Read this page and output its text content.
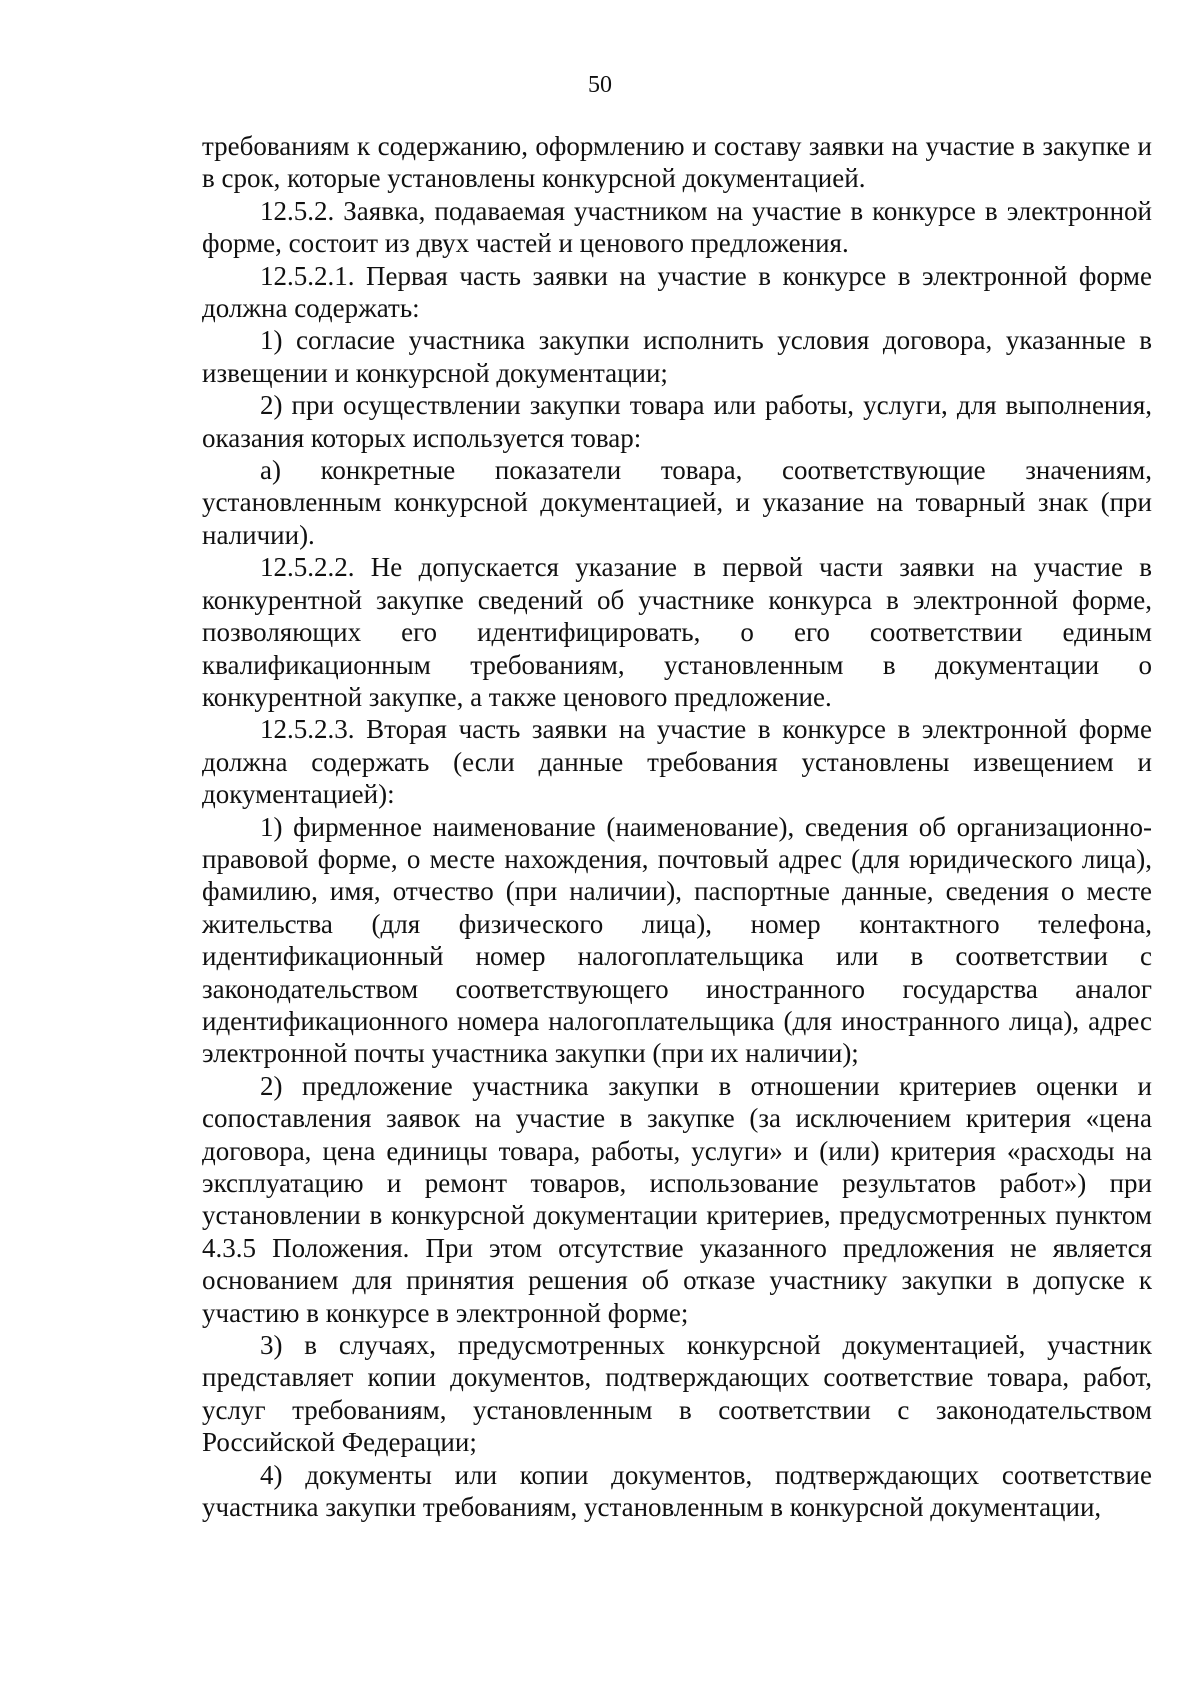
50

требованиям к содержанию, оформлению и составу заявки на участие в закупке и в срок, которые установлены конкурсной документацией.

12.5.2. Заявка, подаваемая участником на участие в конкурсе в электронной форме, состоит из двух частей и ценового предложения.

12.5.2.1. Первая часть заявки на участие в конкурсе в электронной форме должна содержать:

1) согласие участника закупки исполнить условия договора, указанные в извещении и конкурсной документации;

2) при осуществлении закупки товара или работы, услуги, для выполнения, оказания которых используется товар:

а) конкретные показатели товара, соответствующие значениям, установленным конкурсной документацией, и указание на товарный знак (при наличии).

12.5.2.2. Не допускается указание в первой части заявки на участие в конкурентной закупке сведений об участнике конкурса в электронной форме, позволяющих его идентифицировать, о его соответствии единым квалификационным требованиям, установленным в документации о конкурентной закупке, а также ценового предложение.

12.5.2.3. Вторая часть заявки на участие в конкурсе в электронной форме должна содержать (если данные требования установлены извещением и документацией):

1) фирменное наименование (наименование), сведения об организационно-правовой форме, о месте нахождения, почтовый адрес (для юридического лица), фамилию, имя, отчество (при наличии), паспортные данные, сведения о месте жительства (для физического лица), номер контактного телефона, идентификационный номер налогоплательщика или в соответствии с законодательством соответствующего иностранного государства аналог идентификационного номера налогоплательщика (для иностранного лица), адрес электронной почты участника закупки (при их наличии);

2) предложение участника закупки в отношении критериев оценки и сопоставления заявок на участие в закупке (за исключением критерия «цена договора, цена единицы товара, работы, услуги» и (или) критерия «расходы на эксплуатацию и ремонт товаров, использование результатов работ») при установлении в конкурсной документации критериев, предусмотренных пунктом 4.3.5 Положения. При этом отсутствие указанного предложения не является основанием для принятия решения об отказе участнику закупки в допуске к участию в конкурсе в электронной форме;

3) в случаях, предусмотренных конкурсной документацией, участник представляет копии документов, подтверждающих соответствие товара, работ, услуг требованиям, установленным в соответствии с законодательством Российской Федерации;

4) документы или копии документов, подтверждающих соответствие участника закупки требованиям, установленным в конкурсной документации,
